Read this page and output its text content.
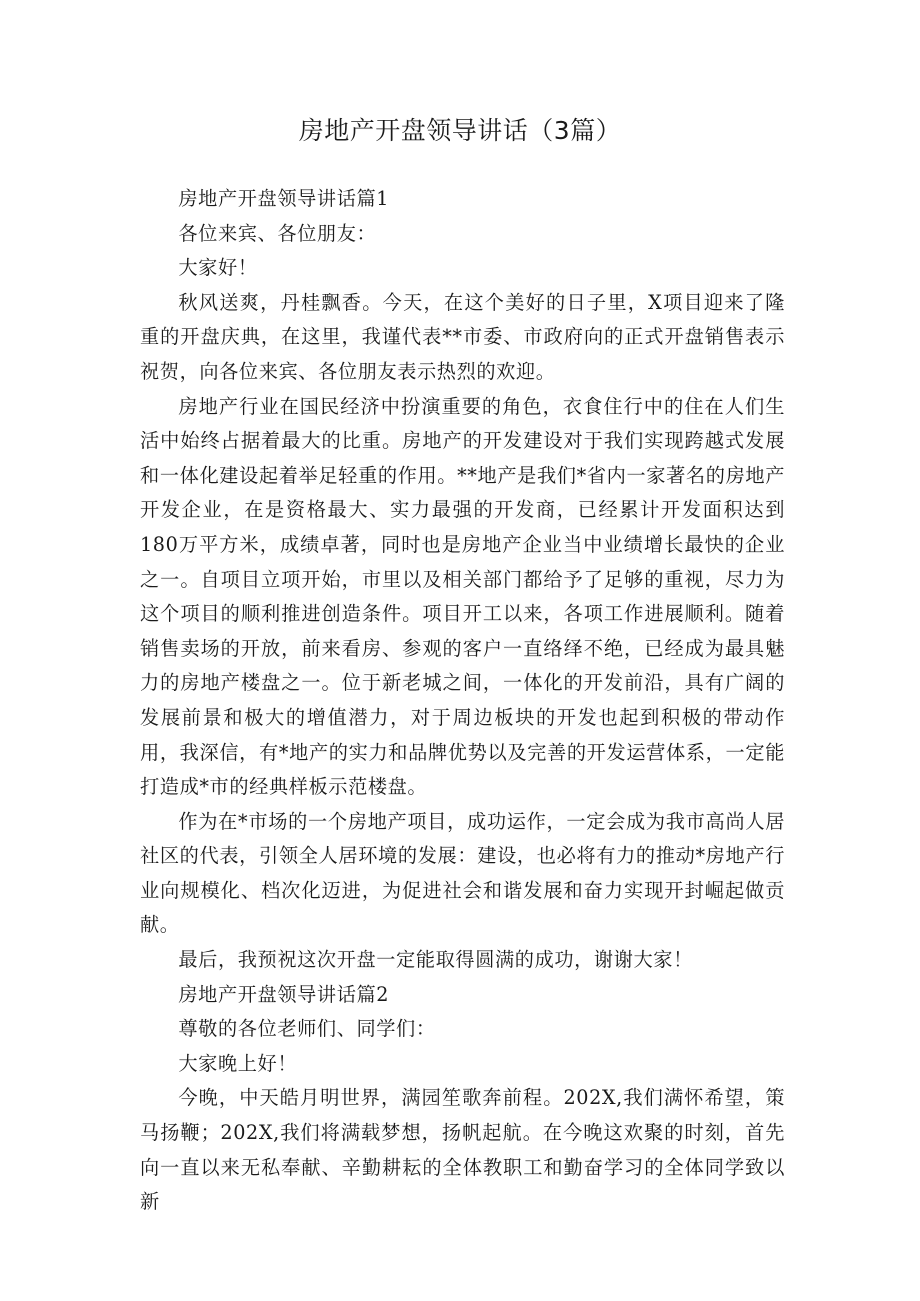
房地产开盘领导讲话（3篇）

房地产开盘领导讲话篇1

各位来宾、各位朋友：

大家好！

秋风送爽，丹桂飘香。今天，在这个美好的日子里，X项目迎来了隆重的开盘庆典，在这里，我谨代表**市委、市政府向的正式开盘销售表示祝贺，向各位来宾、各位朋友表示热烈的欢迎。

房地产行业在国民经济中扮演重要的角色，衣食住行中的住在人们生活中始终占据着最大的比重。房地产的开发建设对于我们实现跨越式发展和一体化建设起着举足轻重的作用。**地产是我们*省内一家著名的房地产开发企业，在是资格最大、实力最强的开发商，已经累计开发面积达到180万平方米，成绩卓著，同时也是房地产企业当中业绩增长最快的企业之一。自项目立项开始，市里以及相关部门都给予了足够的重视，尽力为这个项目的顺利推进创造条件。项目开工以来，各项工作进展顺利。随着销售卖场的开放，前来看房、参观的客户一直络绎不绝，已经成为最具魅力的房地产楼盘之一。位于新老城之间，一体化的开发前沿，具有广阔的发展前景和极大的增值潜力，对于周边板块的开发也起到积极的带动作用，我深信，有*地产的实力和品牌优势以及完善的开发运营体系，一定能打造成*市的经典样板示范楼盘。

作为在*市场的一个房地产项目，成功运作，一定会成为我市高尚人居社区的代表，引领全人居环境的发展：建设，也必将有力的推动*房地产行业向规模化、档次化迈进，为促进社会和谐发展和奋力实现开封崛起做贡献。

最后，我预祝这次开盘一定能取得圆满的成功，谢谢大家！

房地产开盘领导讲话篇2

尊敬的各位老师们、同学们：

大家晚上好！

今晚，中天皓月明世界，满园笙歌奔前程。202X,我们满怀希望，策马扬鞭；202X,我们将满载梦想，扬帆起航。在今晚这欢聚的时刻，首先向一直以来无私奉献、辛勤耕耘的全体教职工和勤奋学习的全体同学致以新
